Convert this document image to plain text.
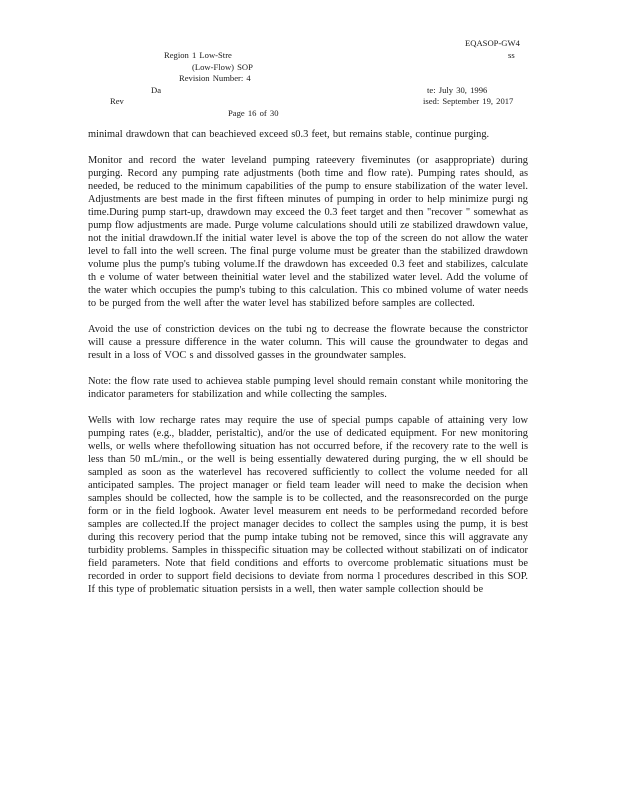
EQASOP-GW4
Region 1 Low-Stre	ss
(Low-Flow) SOP
Revision Number: 4
Da	te: July 30, 1996
Rev	ised: September 19, 2017
Page 16 of 30

minimal drawdown that can beachieved exceed s0.3 feet, but remains stable, continue purging.

Monitor and record the water leveland pumping rateevery fiveminutes (or asappropriate) during purging. Record any pumping rate adjustments (both time and flow rate). Pumping rates should, as needed, be reduced to the minimum capabilities of the pump to ensure stabilization of the water level. Adjustments are best made in the first fifteen minutes of pumping in order to help minimize purgi ng time.During pump start-up, drawdown may exceed the 0.3 feet target and then "recover " somewhat as pump flow adjustments are made. Purge volume calculations should utili ze stabilized drawdown value, not the initial drawdown.If the initial water level is above the top of the screen do not allow the water level to fall into the well screen. The final purge volume must be greater than the stabilized drawdown volume plus the pump's tubing volume.If the drawdown has exceeded 0.3 feet and stabilizes, calculate th e volume of water between theinitial water level and the stabilized water level. Add the volume of the water which occupies the pump's tubing to this calculation. This co mbined volume of water needs to be purged from the well after the water level has stabilized before samples are collected.

Avoid the use of constriction devices on the tubi ng to decrease the flowrate because the constrictor will cause a pressure difference in the water column. This will cause the groundwater to degas and result in a loss of VOC s and dissolved gasses in the groundwater samples.

Note: the flow rate used to achievea stable pumping level should remain constant while monitoring the indicator parameters for stabilization and while collecting the samples.

Wells with low recharge rates may require the use of special pumps capable of attaining very low pumping rates (e.g., bladder, peristaltic), and/or the use of dedicated equipment. For new monitoring wells, or wells where thefollowing situation has not occurred before, if the recovery rate to the well is less than 50 mL/min., or the well is being essentially dewatered during purging, the w ell should be sampled as soon as the waterlevel has recovered sufficiently to collect the volume needed for all anticipated samples. The project manager or field team leader will need to make the decision when samples should be collected, how the sample is to be collected, and the reasonsrecorded on the purge form or in the field logbook. Awater level measurem ent needs to be performedand recorded before samples are collected.If the project manager decides to collect the samples using the pump, it is best during this recovery period that the pump intake tubing not be removed, since this will aggravate any turbidity problems. Samples in thisspecific situation may be collected without stabilizati on of indicator field parameters. Note that field conditions and efforts to overcome problematic situations must be recorded in order to support field decisions to deviate from norma l procedures described in this SOP. If this type of problematic situation persists in a well, then water sample collection should be
